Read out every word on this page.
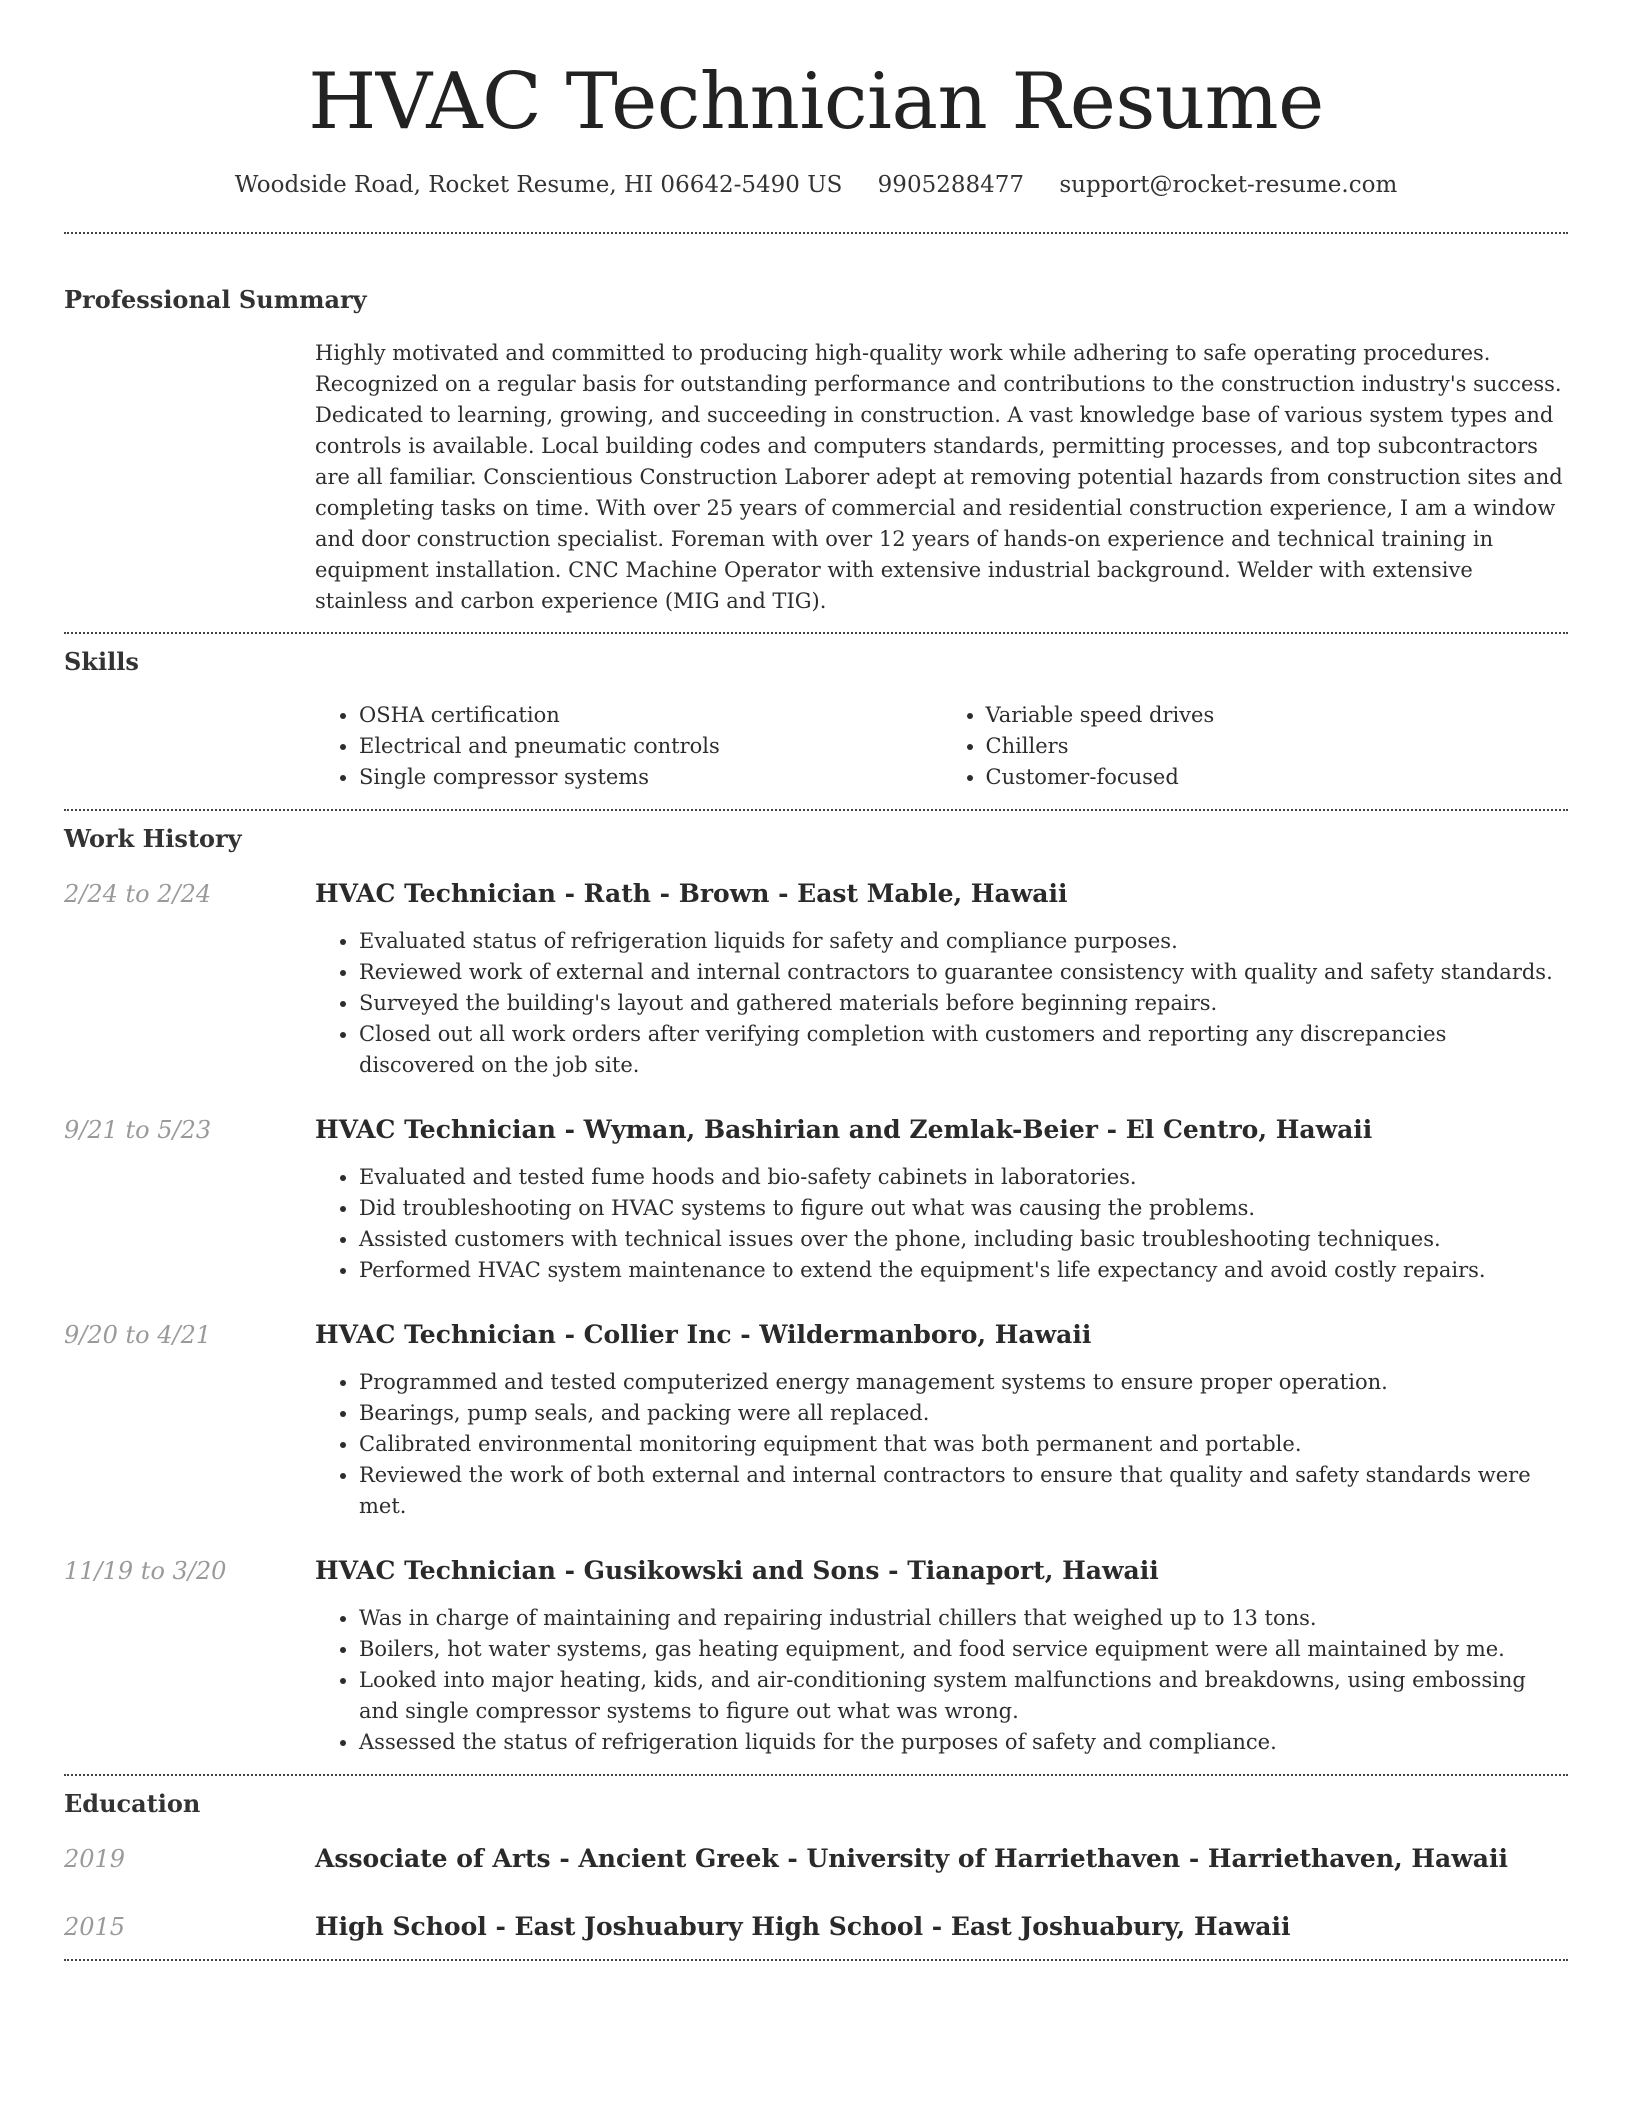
HVAC Technician Resume
Woodside Road, Rocket Resume, HI 06642-5490 US 9905288477 support@rocket-resume.com
Professional Summary

Highly motivated and committed to producing high-quality work while adhering to safe operating procedures. Recognized on a regular basis for outstanding performance and contributions to the construction industry's success. Dedicated to learning, growing, and succeeding in construction. A vast knowledge base of various system types and controls is available. Local building codes and computers standards, permitting processes, and top subcontractors are all familiar. Conscientious Construction Laborer adept at removing potential hazards from construction sites and completing tasks on time. With over 25 years of commercial and residential construction experience, I am a window and door construction specialist. Foreman with over 12 years of hands-on experience and technical training in equipment installation. CNC Machine Operator with extensive industrial background. Welder with extensive stainless and carbon experience (MIG and TIG).

Skills
• OSHA certification
• Electrical and pneumatic controls
• Single compressor systems
• Variable speed drives
• Chillers
• Customer-focused
Work History
2/24 to 2/24	HVAC Technician - Rath - Brown - East Mable, Hawaii
• Evaluated status of refrigeration liquids for safety and compliance purposes.
• Reviewed work of external and internal contractors to guarantee consistency with quality and safety standards.
• Surveyed the building's layout and gathered materials before beginning repairs.
• Closed out all work orders after verifying completion with customers and reporting any discrepancies discovered on the job site.
9/21 to 5/23	HVAC Technician - Wyman, Bashirian and Zemlak-Beier - El Centro, Hawaii
• Evaluated and tested fume hoods and bio-safety cabinets in laboratories.
• Did troubleshooting on HVAC systems to figure out what was causing the problems.
• Assisted customers with technical issues over the phone, including basic troubleshooting techniques.
• Performed HVAC system maintenance to extend the equipment's life expectancy and avoid costly repairs.
9/20 to 4/21	HVAC Technician - Collier Inc - Wildermanboro, Hawaii
• Programmed and tested computerized energy management systems to ensure proper operation.
• Bearings, pump seals, and packing were all replaced.
• Calibrated environmental monitoring equipment that was both permanent and portable.
• Reviewed the work of both external and internal contractors to ensure that quality and safety standards were met.
11/19 to 3/20	HVAC Technician - Gusikowski and Sons - Tianaport, Hawaii
• Was in charge of maintaining and repairing industrial chillers that weighed up to 13 tons.
• Boilers, hot water systems, gas heating equipment, and food service equipment were all maintained by me.
• Looked into major heating, kids, and air-conditioning system malfunctions and breakdowns, using embossing and single compressor systems to figure out what was wrong.
• Assessed the status of refrigeration liquids for the purposes of safety and compliance.
Education
2019	Associate of Arts - Ancient Greek - University of Harriethaven - Harriethaven, Hawaii
2015	High School - East Joshuabury High School - East Joshuabury, Hawaii
